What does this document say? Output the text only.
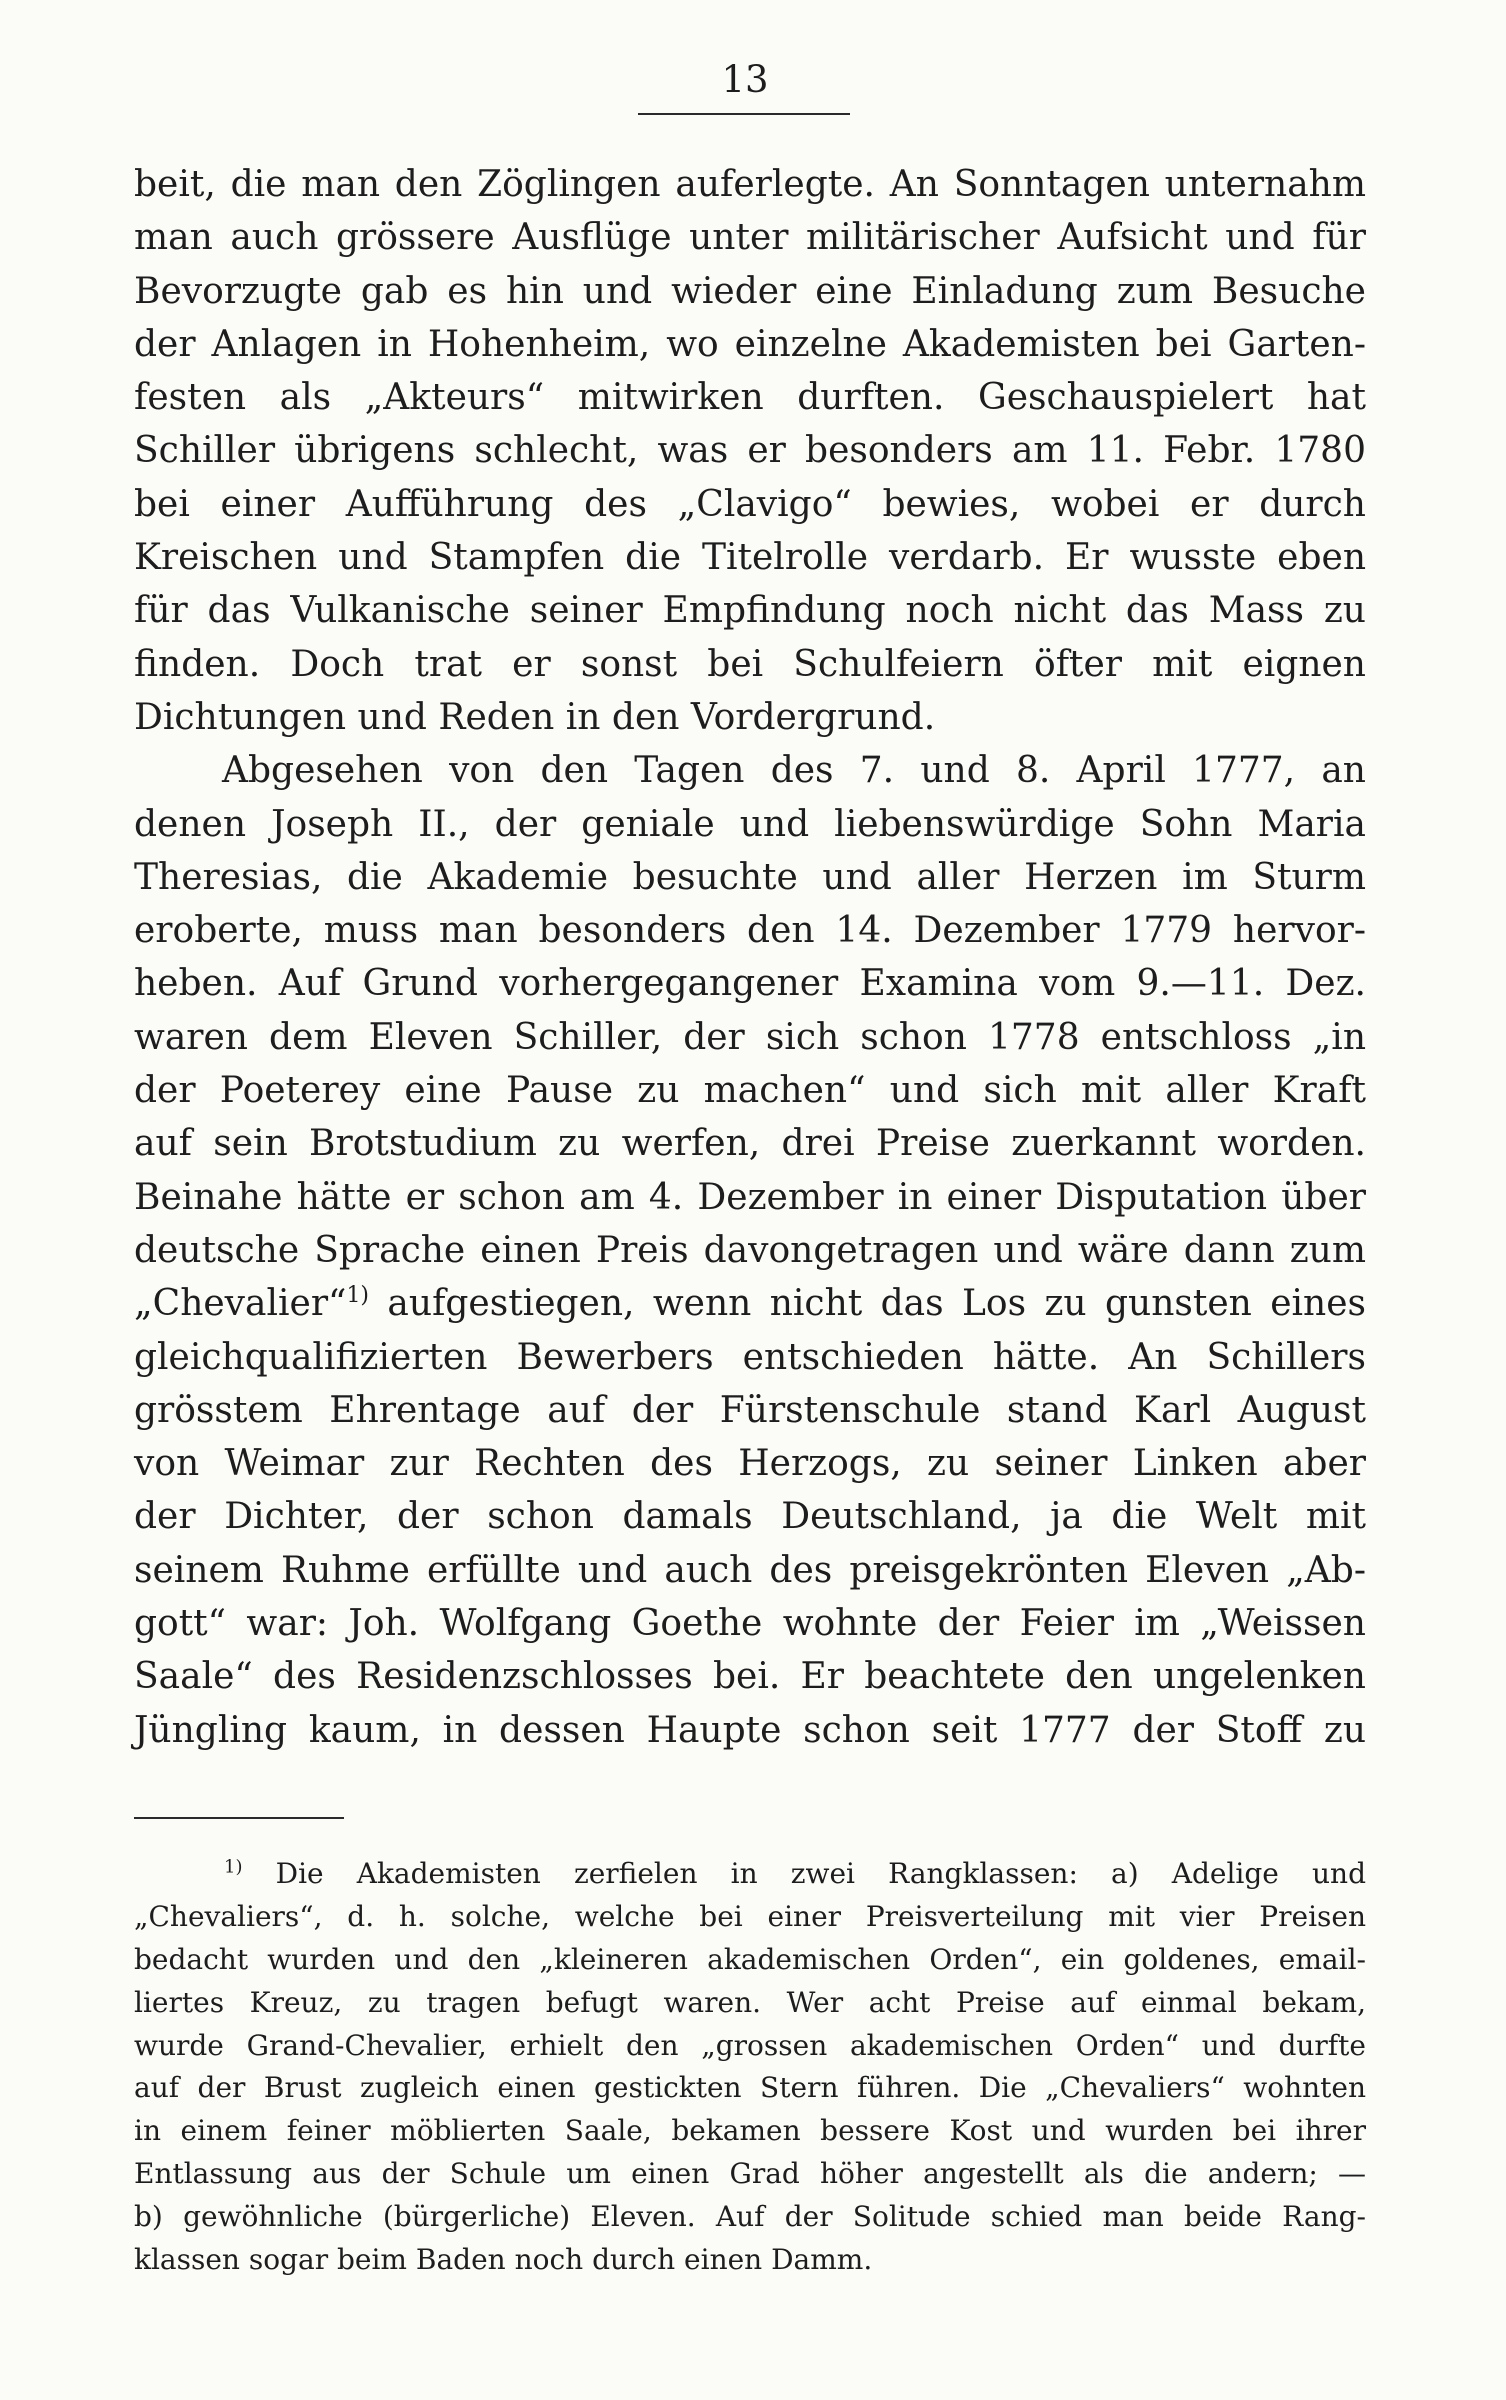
13
beit, die man den Zöglingen auferlegte. An Sonntagen unternahm
man auch grössere Ausflüge unter militärischer Aufsicht und für
Bevorzugte gab es hin und wieder eine Einladung zum Besuche
der Anlagen in Hohenheim, wo einzelne Akademisten bei Garten-
festen als „Akteurs“ mitwirken durften. Geschauspielert hat
Schiller übrigens schlecht, was er besonders am 11. Febr. 1780
bei einer Aufführung des „Clavigo“ bewies, wobei er durch
Kreischen und Stampfen die Titelrolle verdarb. Er wusste eben
für das Vulkanische seiner Empfindung noch nicht das Mass zu
finden. Doch trat er sonst bei Schulfeiern öfter mit eignen
Dichtungen und Reden in den Vordergrund.
Abgesehen von den Tagen des 7. und 8. April 1777, an
denen Joseph II., der geniale und liebenswürdige Sohn Maria
Theresias, die Akademie besuchte und aller Herzen im Sturm
eroberte, muss man besonders den 14. Dezember 1779 hervor-
heben. Auf Grund vorhergegangener Examina vom 9.—11. Dez.
waren dem Eleven Schiller, der sich schon 1778 entschloss „in
der Poeterey eine Pause zu machen“ und sich mit aller Kraft
auf sein Brotstudium zu werfen, drei Preise zuerkannt worden.
Beinahe hätte er schon am 4. Dezember in einer Disputation über
deutsche Sprache einen Preis davongetragen und wäre dann zum
„Chevalier“$^{1)}$ aufgestiegen, wenn nicht das Los zu gunsten eines
gleichqualifizierten Bewerbers entschieden hätte. An Schillers
grösstem Ehrentage auf der Fürstenschule stand Karl August
von Weimar zur Rechten des Herzogs, zu seiner Linken aber
der Dichter, der schon damals Deutschland, ja die Welt mit
seinem Ruhme erfüllte und auch des preisgekrönten Eleven „Ab-
gott“ war: Joh. Wolfgang Goethe wohnte der Feier im „Weissen
Saale“ des Residenzschlosses bei. Er beachtete den ungelenken
Jüngling kaum, in dessen Haupte schon seit 1777 der Stoff zu
$^{1)}$ Die Akademisten zerfielen in zwei Rangklassen: a) Adelige und
„Chevaliers“, d. h. solche, welche bei einer Preisverteilung mit vier Preisen
bedacht wurden und den „kleineren akademischen Orden“, ein goldenes, email-
liertes Kreuz, zu tragen befugt waren. Wer acht Preise auf einmal bekam,
wurde Grand-Chevalier, erhielt den „grossen akademischen Orden“ und durfte
auf der Brust zugleich einen gestickten Stern führen. Die „Chevaliers“ wohnten
in einem feiner möblierten Saale, bekamen bessere Kost und wurden bei ihrer
Entlassung aus der Schule um einen Grad höher angestellt als die andern; —
b) gewöhnliche (bürgerliche) Eleven. Auf der Solitude schied man beide Rang-
klassen sogar beim Baden noch durch einen Damm.
